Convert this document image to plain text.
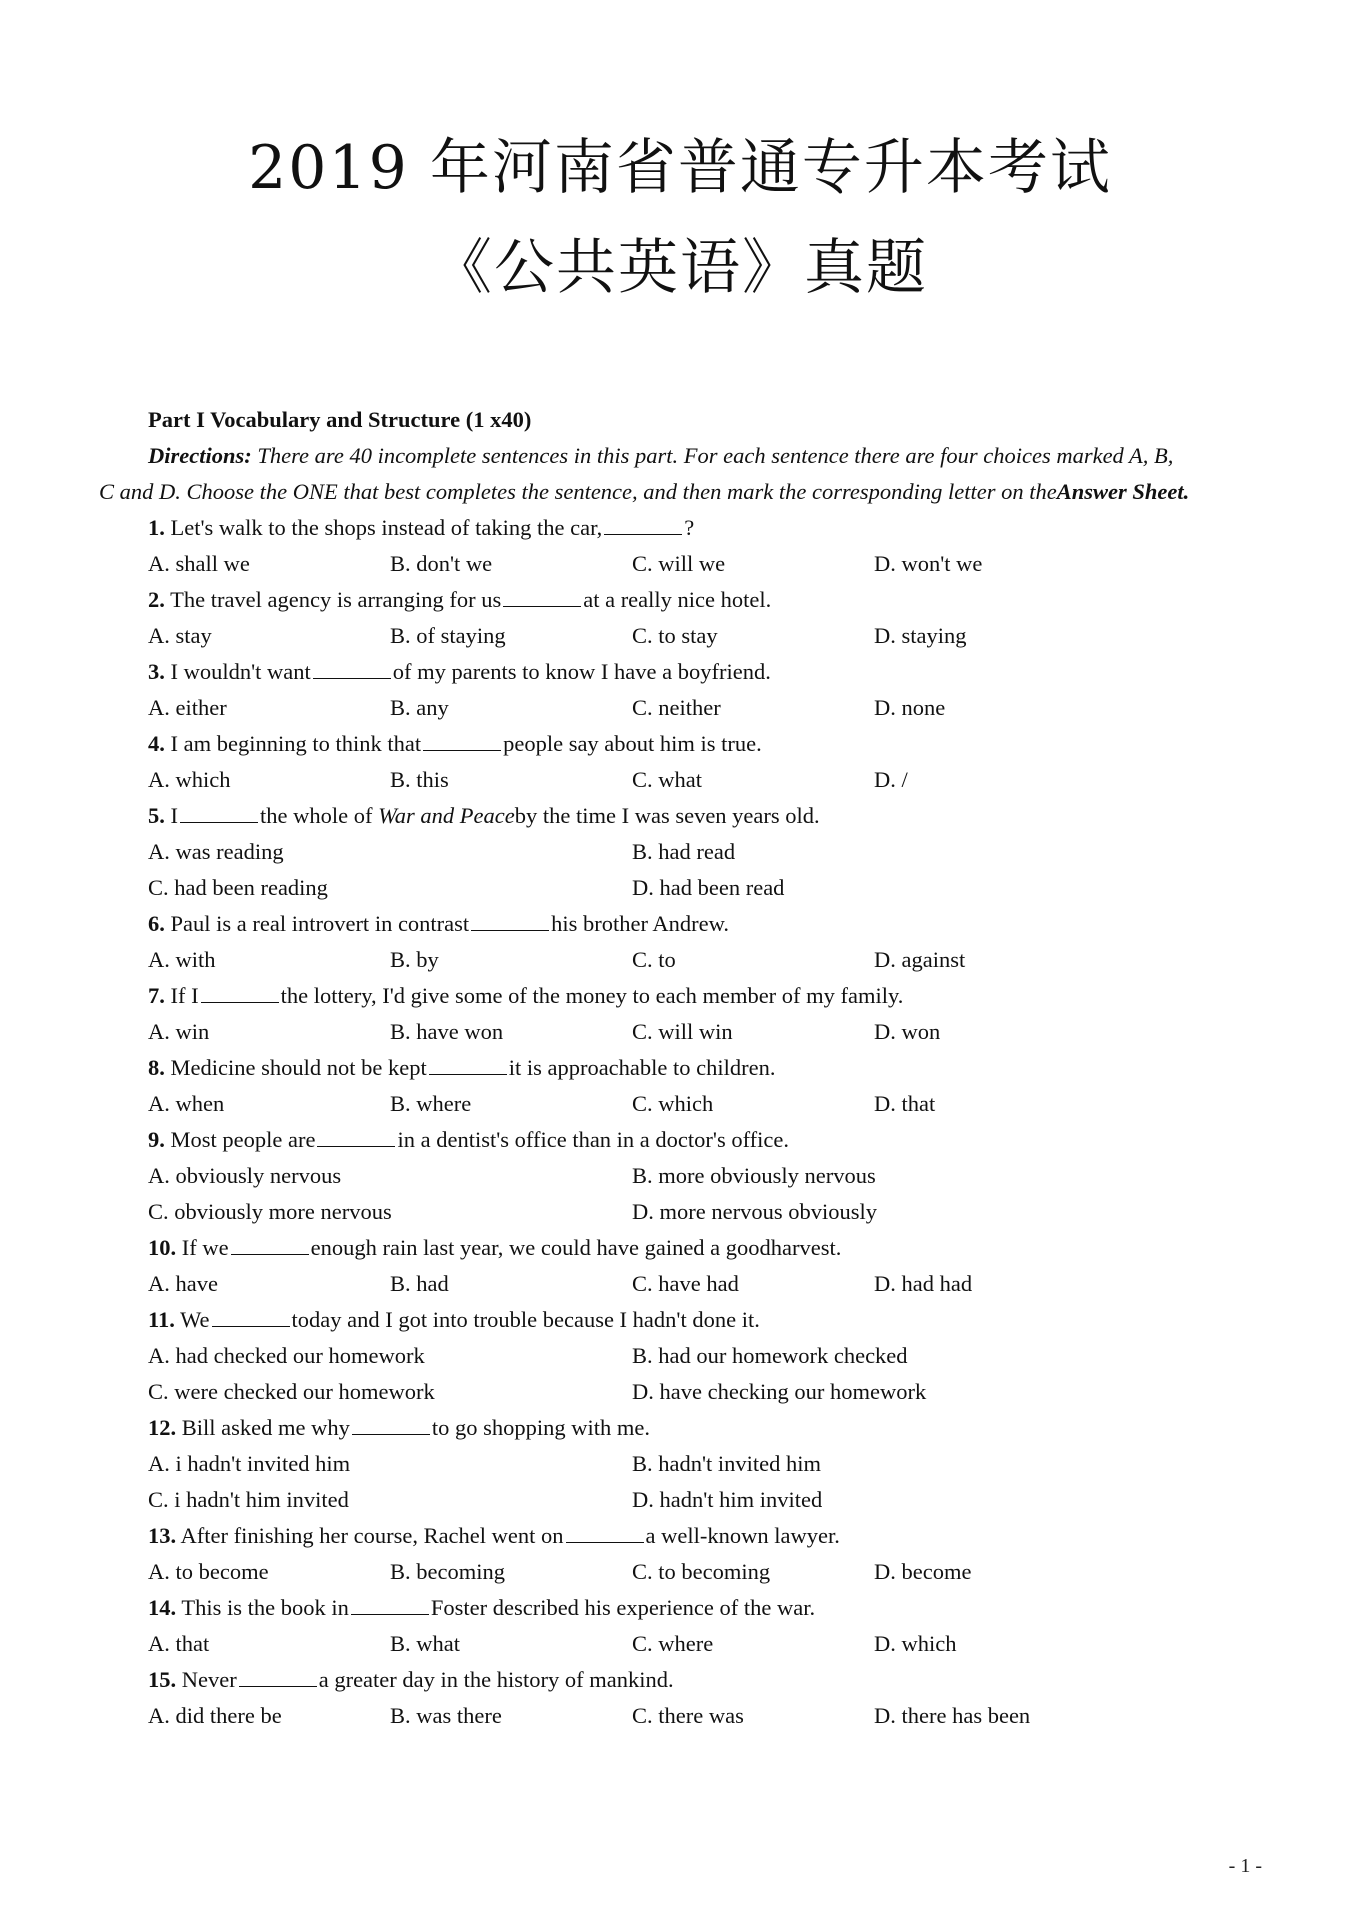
2019 年河南省普通专升本考试
《公共英语》真题
Part I Vocabulary and Structure (1 x40)
Directions: There are 40 incomplete sentences in this part. For each sentence there are four choices marked A, B,
C and D. Choose the ONE that best completes the sentence, and then mark the corresponding letter on theAnswer Sheet.
1. Let's walk to the shops instead of taking the car,	?
A. shall we	B. don't we	C. will we	D. won't we
2. The travel agency is arranging for us	at a really nice hotel.
A. stay	B. of staying	C. to stay	D. staying
3. I wouldn't want	of my parents to know I have a boyfriend.
A. either	B. any	C. neither	D. none
4. I am beginning to think that	people say about him is true.
A. which	B. this	C. what	D. /
5. I	the whole of War and Peaceby the time I was seven years old.
A. was reading	B. had read
C. had been reading	D. had been read
6. Paul is a real introvert in contrast	his brother Andrew.
A. with	B. by	C. to	D. against
7. If I	the lottery, I'd give some of the money to each member of my family.
A. win	B. have won	C. will win	D. won
8. Medicine should not be kept	it is approachable to children.
A. when	B. where	C. which	D. that
9. Most people are	in a dentist's office than in a doctor's office.
A. obviously nervous	B. more obviously nervous
C. obviously more nervous	D. more nervous obviously
10. If we	enough rain last year, we could have gained a goodharvest.
A. have	B. had	C. have had	D. had had
11. We	today and I got into trouble because I hadn't done it.
A. had checked our homework	B. had our homework checked
C. were checked our homework	D. have checking our homework
12. Bill asked me why	to go shopping with me.
A. i hadn't invited him	B. hadn't invited him
C. i hadn't him invited	D. hadn't him invited
13. After finishing her course, Rachel went on	a well-known lawyer.
A. to become	B. becoming	C. to becoming	D. become
14. This is the book in	Foster described his experience of the war.
A. that	B. what	C. where	D. which
15. Never	a greater day in the history of mankind.
A. did there be	B. was there	C. there was	D. there has been
- 1 -
